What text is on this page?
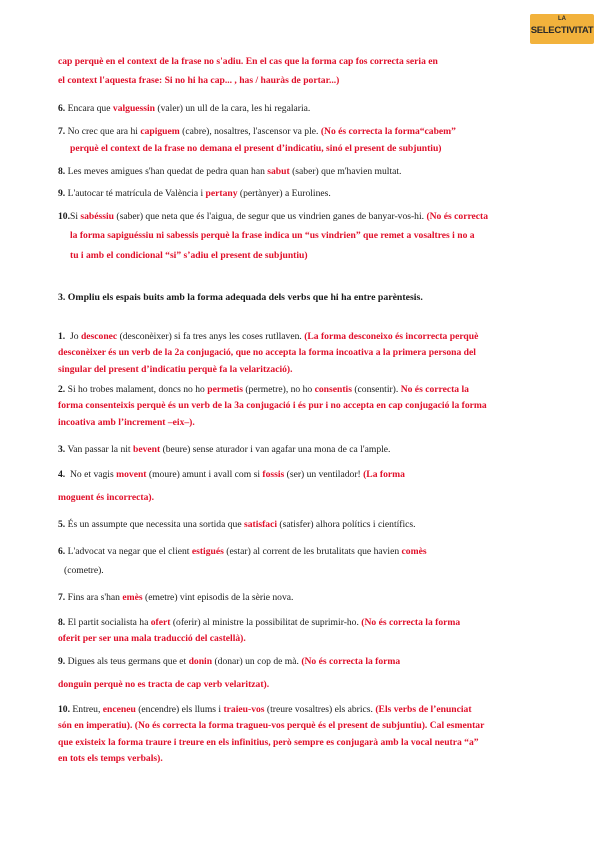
LA
SELECTIVITAT

cap perquè en el context de la frase no s'adiu. En el cas que la forma cap fos correcta seria en

el context l'aquesta frase: Si no hi ha cap... , has / hauràs de portar...)

6. Encara que valguessin (valer) un ull de la cara, les hi regalaria.

7. No crec que ara hi capiguem (cabre), nosaltres, l'ascensor va ple. (No és correcta la forma“cabem”

perquè el context de la frase no demana el present d’indicatiu, sinó el present de subjuntiu)

8. Les meves amigues s'han quedat de pedra quan han sabut (saber) que m'havien multat.

9. L'autocar té matrícula de València i pertany (pertànyer) a Eurolines.

10.Si sabéssiu (saber) que neta que és l'aigua, de segur que us vindrien ganes de banyar-vos-hi. (No és correcta

la forma sapiguéssiu ni sabessis perquè la frase indica un “us vindrien” que remet a vosaltres i no a

tu i amb el condicional “si” s’adiu el present de subjuntiu)

3. Ompliu els espais buits amb la forma adequada dels verbs que hi ha entre parèntesis.

1. Jo desconec (desconèixer) si fa tres anys les coses rutllaven. (La forma desconeixo és incorrecta perquè

desconèixer és un verb de la 2a conjugació, que no accepta la forma incoativa a la primera persona del

singular del present d’indicatiu perquè fa la velarització).

2. Si ho trobes malament, doncs no ho permetis (permetre), no ho consentis (consentir). No és correcta la

forma consenteixis perquè és un verb de la 3a conjugació i és pur i no accepta en cap conjugació la forma

incoativa amb l’increment –eix–).

3. Van passar la nit bevent (beure) sense aturador i van agafar una mona de ca l'ample.

4. No et vagis movent (moure) amunt i avall com si fossis (ser) un ventilador! (La forma

moguent és incorrecta).

5. És un assumpte que necessita una sortida que satisfaci (satisfer) alhora polítics i científics.

6. L'advocat va negar que el client estigués (estar) al corrent de les brutalitats que havien comès

(cometre).

7. Fins ara s'han emès (emetre) vint episodis de la sèrie nova.

8. El partit socialista ha ofert (oferir) al ministre la possibilitat de suprimir-ho. (No és correcta la forma

oferit per ser una mala traducció del castellà).

9. Digues als teus germans que et donin (donar) un cop de mà. (No és correcta la forma

donguin perquè no es tracta de cap verb velaritzat).

10. Entreu, enceneu (encendre) els llums i traieu-vos (treure vosaltres) els abrics. (Els verbs de l’enunciat

són en imperatiu). (No és correcta la forma tragueu-vos perquè és el present de subjuntiu). Cal esmentar

que existeix la forma traure i treure en els infinitius, però sempre es conjugarà amb la vocal neutra “a”

en tots els temps verbals).
